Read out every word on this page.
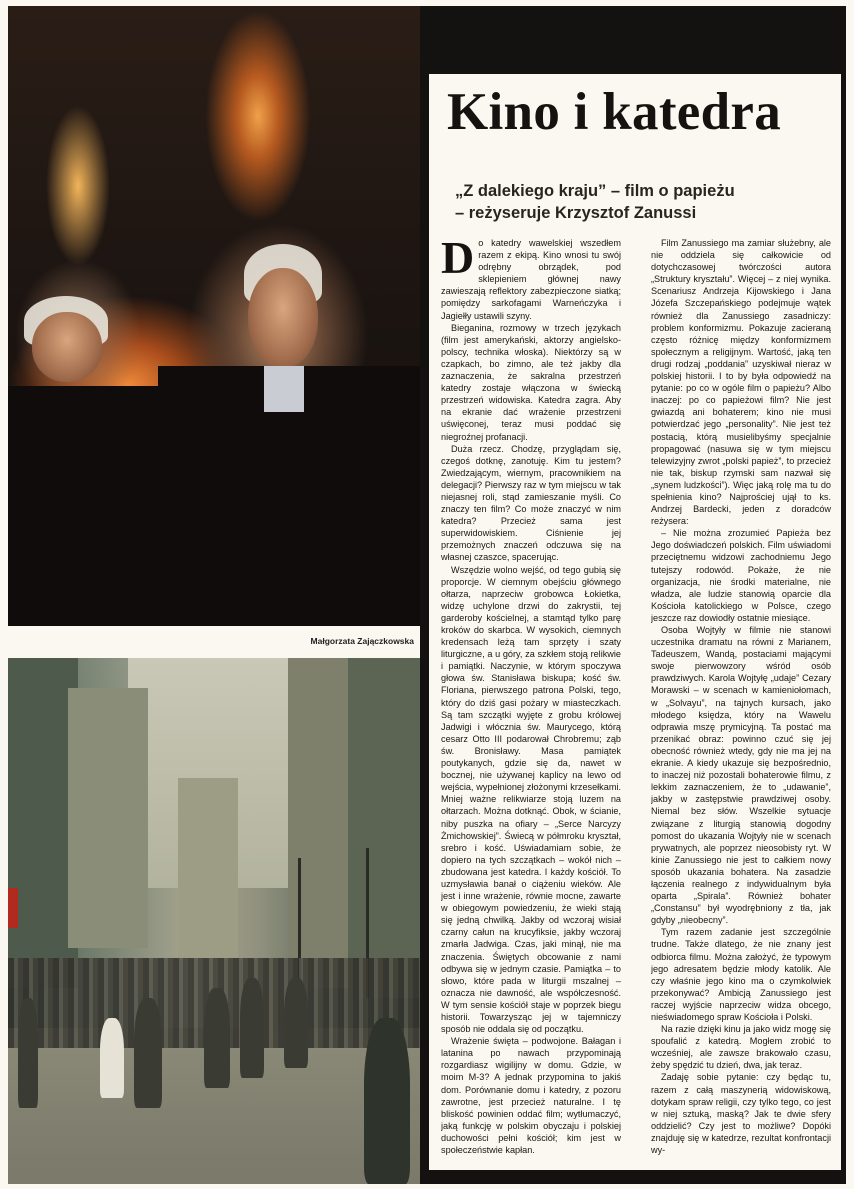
Małgorzata Zajączkowska
Kino i katedra
„Z dalekiego kraju” – film o papieżu
– reżyseruje Krzysztof Zanussi

Do katedry wawelskiej wszedłem razem z ekipą. Kino wnosi tu swój odrębny obrządek, pod sklepieniem głównej nawy zawieszają reflektory zabezpieczone siatką; pomiędzy sarkofagami Warneńczyka i Jagiełły ustawili szyny.

Bieganina, rozmowy w trzech językach (film jest amerykański, aktorzy angielsko-polscy, technika włoska). Niektórzy są w czapkach, bo zimno, ale też jakby dla zaznaczenia, że sakralna przestrzeń katedry zostaje włączona w świecką przestrzeń widowiska. Katedra zagra. Aby na ekranie dać wrażenie przestrzeni uświęconej, teraz musi poddać się niegroźnej profanacji.

Duża rzecz. Chodzę, przyglądam się, czegoś dotknę, zanotuję. Kim tu jestem? Zwiedzającym, wiernym, pracownikiem na delegacji? Pierwszy raz w tym miejscu w tak niejasnej roli, stąd zamieszanie myśli. Co znaczy ten film? Co może znaczyć w nim katedra? Przecież sama jest superwidowiskiem. Ciśnienie jej przemożnych znaczeń odczuwa się na własnej czaszce, spacerując.

Wszędzie wolno wejść, od tego gubią się proporcje. W ciemnym obejściu głównego ołtarza, naprzeciw grobowca Łokietka, widzę uchylone drzwi do zakrystii, tej garderoby kościelnej, a stamtąd tylko parę kroków do skarbca. W wysokich, ciemnych kredensach leżą tam sprzęty i szaty liturgiczne, a u góry, za szkłem stoją relikwie i pamiątki. Naczynie, w którym spoczywa głowa św. Stanisława biskupa; kość św. Floriana, pierwszego patrona Polski, tego, który do dziś gasi pożary w miasteczkach. Są tam szczątki wyjęte z grobu królowej Jadwigi i włócznia św. Maurycego, którą cesarz Otto III podarował Chrobremu; ząb św. Bronisławy. Masa pamiątek poutykanych, gdzie się da, nawet w bocznej, nie używanej kaplicy na lewo od wejścia, wypełnionej złożonymi krzesełkami. Mniej ważne relikwiarze stoją luzem na ołtarzach. Można dotknąć. Obok, w ścianie, niby puszka na ofiary – „Serce Narcyzy Żmichowskiej”. Świecą w półmroku kryształ, srebro i kość. Uświadamiam sobie, że dopiero na tych szczątkach – wokół nich – zbudowana jest katedra. I każdy kościół. To uzmysławia banał o ciążeniu wieków. Ale jest i inne wrażenie, równie mocne, zawarte w obiegowym powiedzeniu, że wieki stają się jedną chwilką. Jakby od wczoraj wisiał czarny całun na krucyfiksie, jakby wczoraj zmarła Jadwiga. Czas, jaki minął, nie ma znaczenia. Świętych obcowanie z nami odbywa się w jednym czasie. Pamiątka – to słowo, które pada w liturgii mszalnej – oznacza nie dawność, ale współczesność. W tym sensie kościół staje w poprzek biegu historii. Towarzysząc jej w tajemniczy sposób nie oddala się od początku.

Wrażenie święta – podwojone. Bałagan i latanina po nawach przypominają rozgardiasz wigilijny w domu. Gdzie, w moim M-3? A jednak przypomina to jakiś dom. Porównanie domu i katedry, z pozoru zawrotne, jest przecież naturalne. I tę bliskość powinien oddać film; wytłumaczyć, jaką funkcję w polskim obyczaju i polskiej duchowości pełni kościół; kim jest w społeczeństwie kapłan.

Film Zanussiego ma zamiar służebny, ale nie oddziela się całkowicie od dotychczasowej twórczości autora „Struktury kryształu”. Więcej – z niej wynika. Scenariusz Andrzeja Kijowskiego i Jana Józefa Szczepańskiego podejmuje wątek również dla Zanussiego zasadniczy: problem konformizmu. Pokazuje zacieraną często różnicę między konformizmem społecznym a religijnym. Wartość, jaką ten drugi rodzaj „poddania” uzyskiwał nieraz w polskiej historii. I to by była odpowiedź na pytanie: po co w ogóle film o papieżu? Albo inaczej: po co papieżowi film? Nie jest gwiazdą ani bohaterem; kino nie musi potwierdzać jego „personality”. Nie jest też postacią, którą musielibyśmy specjalnie propagować (nasuwa się w tym miejscu telewizyjny zwrot „polski papież”, to przecież nie tak, biskup rzymski sam nazwał się „synem ludzkości”). Więc jaką rolę ma tu do spełnienia kino? Najprościej ujął to ks. Andrzej Bardecki, jeden z doradców reżysera:

– Nie można zrozumieć Papieża bez Jego doświadczeń polskich. Film uświadomi przeciętnemu widzowi zachodniemu Jego tutejszy rodowód. Pokaże, że nie organizacja, nie środki materialne, nie władza, ale ludzie stanowią oparcie dla Kościoła katolickiego w Polsce, czego jeszcze raz dowiodły ostatnie miesiące.

Osoba Wojtyły w filmie nie stanowi uczestnika dramatu na równi z Marianem, Tadeuszem, Wandą, postaciami mającymi swoje pierwowzory wśród osób prawdziwych. Karola Wojtyłę „udaje” Cezary Morawski – w scenach w kamieniołomach, w „Solvayu”, na tajnych kursach, jako młodego księdza, który na Wawelu odprawia mszę prymicyjną. Ta postać ma przenikać obraz: powinno czuć się jej obecność również wtedy, gdy nie ma jej na ekranie. A kiedy ukazuje się bezpośrednio, to inaczej niż pozostali bohaterowie filmu, z lekkim zaznaczeniem, że to „udawanie”, jakby w zastępstwie prawdziwej osoby. Niemal bez słów. Wszelkie sytuacje związane z liturgią stanowią dogodny pomost do ukazania Wojtyły nie w scenach prywatnych, ale poprzez nieosobisty ryt. W kinie Zanussiego nie jest to całkiem nowy sposób ukazania bohatera. Na zasadzie łączenia realnego z indywidualnym była oparta „Spirala”. Również bohater „Constansu” był wyodrębniony z tła, jak gdyby „nieobecny”.

Tym razem zadanie jest szczególnie trudne. Także dlatego, że nie znany jest odbiorca filmu. Można założyć, że typowym jego adresatem będzie młody katolik. Ale czy właśnie jego kino ma o czymkolwiek przekonywać? Ambicją Zanussiego jest raczej wyjście naprzeciw widza obcego, nieświadomego spraw Kościoła i Polski.

Na razie dzięki kinu ja jako widz mogę się spoufalić z katedrą. Mogłem zrobić to wcześniej, ale zawsze brakowało czasu, żeby spędzić tu dzień, dwa, jak teraz.

Zadaję sobie pytanie: czy będąc tu, razem z całą maszynerią widowiskową, dotykam spraw religii, czy tylko tego, co jest w niej sztuką, maską? Jak te dwie sfery oddzielić? Czy jest to możliwe? Dopóki znajduję się w katedrze, rezultat konfrontacji wy-
